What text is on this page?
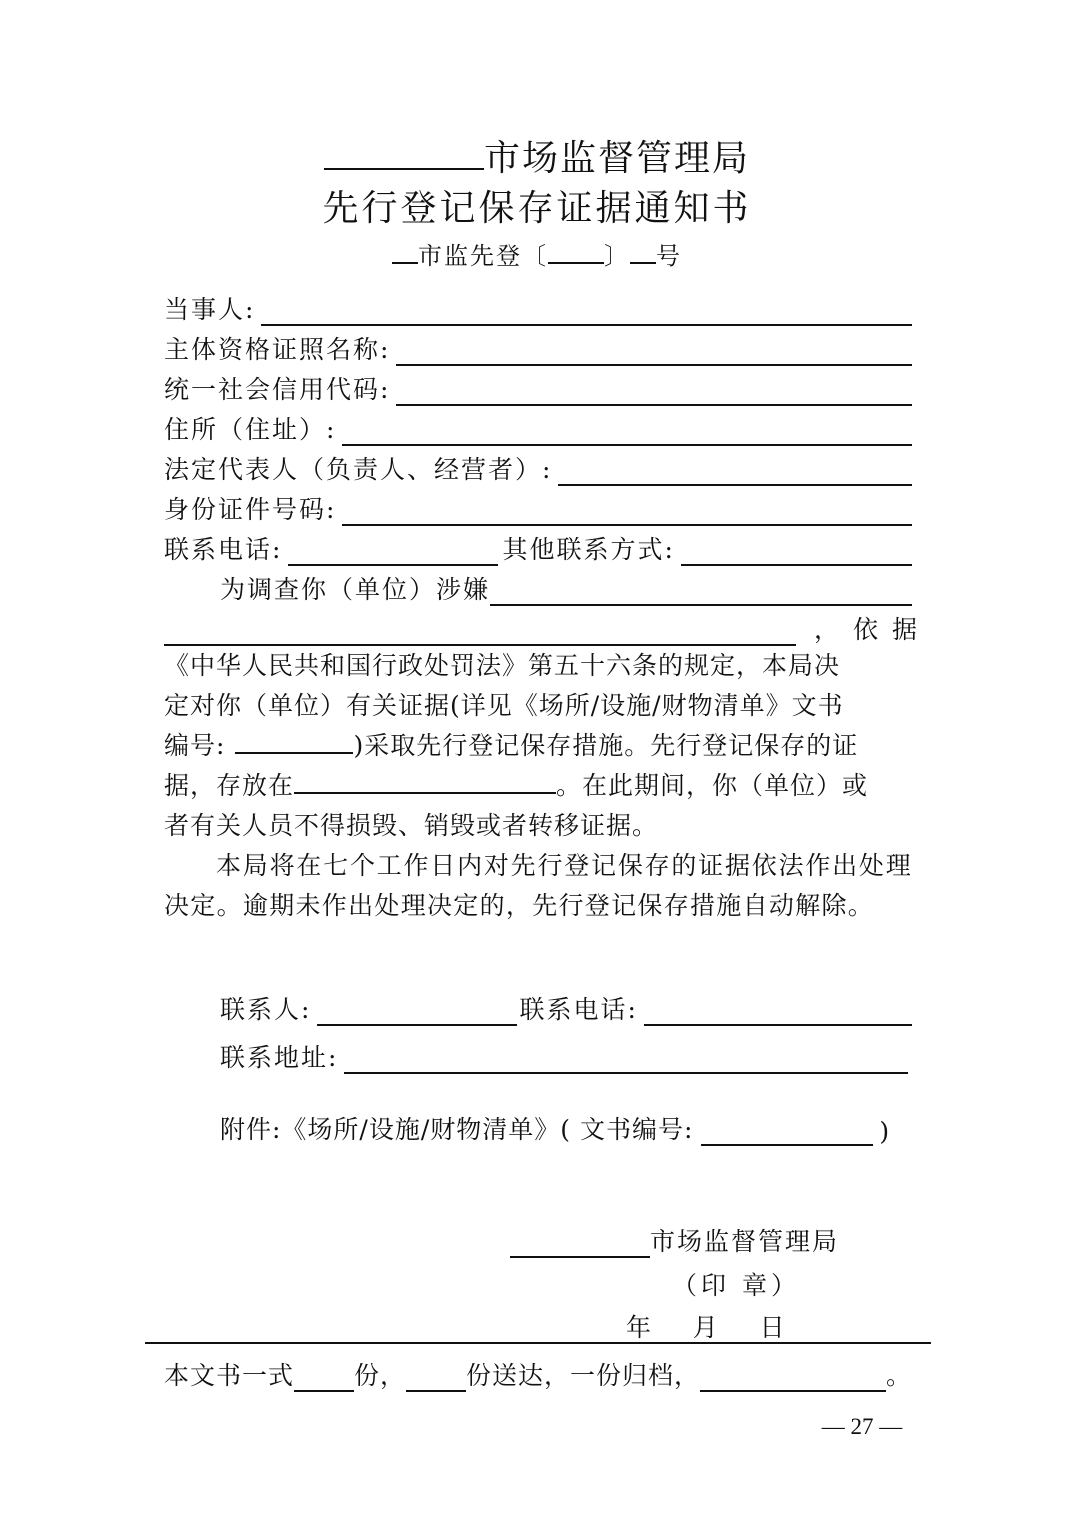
市场监督管理局
先行登记保存证据通知书
市监先登〔 〕 号
当事人:
主体资格证照名称:
统一社会信用代码:
住所（住址）:
法定代表人（负责人、经营者）:
身份证件号码:
联系电话:	其他联系方式:
为调查你（单位）涉嫌
，依据
《中华人民共和国行政处罚法》第五十六条的规定，本局决
定对你（单位）有关证据(详见《场所/设施/财物清单》文书
编号:	)采取先行登记保存措施。先行登记保存的证
据，存放在	。在此期间，你（单位）或
者有关人员不得损毁、销毁或者转移证据。
本局将在七个工作日内对先行登记保存的证据依法作出处理决定。逾期未作出处理决定的，先行登记保存措施自动解除。
联系人:	联系电话:
联系地址:
附件:《场所/设施/财物清单》( 文书编号:	)
市场监督管理局
（印 章）
年    月    日
本文书一式 份， 份送达，一份归档，	。
— 27 —
